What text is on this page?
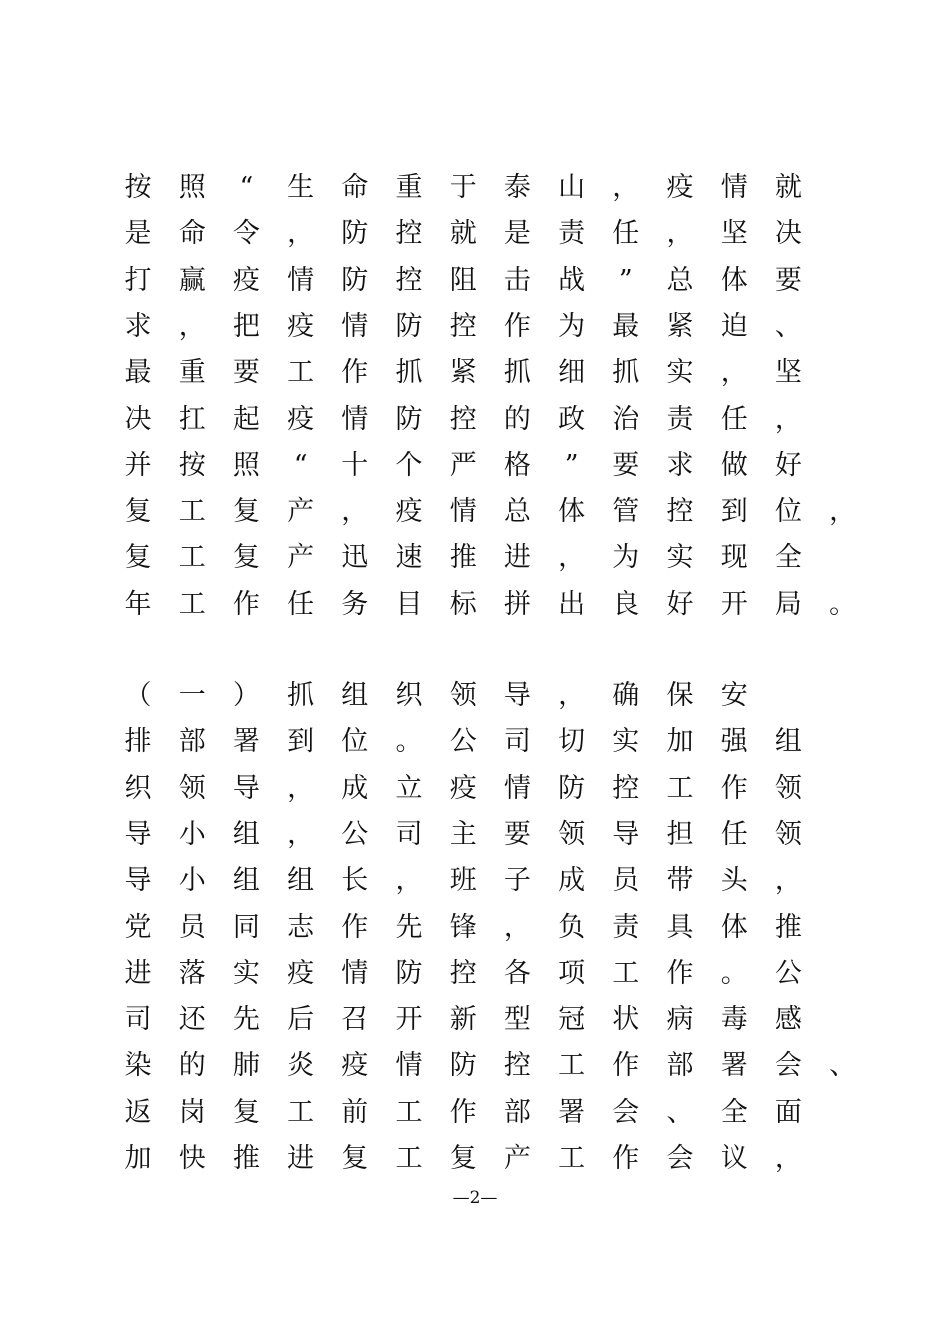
按 照	“	生 命 重 于 泰 山 ， 疫 情 就
是 命 令 ， 防 控 就 是 责 任 ， 坚 决
打 赢 疫 情 防 控 阻 击 战	”	总 体 要
求 ， 把 疫 情 防 控 作 为 最 紧 迫 、
最 重 要 工 作 抓 紧 抓 细 抓 实 ， 坚
决 扛 起 疫 情 防 控 的 政 治 责 任 ，
并 按 照	“	十 个 严 格	”	要 求 做 好
复 工 复 产 ， 疫 情 总 体 管 控 到 位 ，
复 工 复 产 迅 速 推 进 ， 为 实 现 全
年 工 作 任 务 目 标 拼 出 良 好 开 局 。
（ 一 ） 抓 组 织 领 导 ， 确 保 安
排 部 署 到 位 。 公 司 切 实 加 强 组
织 领 导 ， 成 立 疫 情 防 控 工 作 领
导 小 组 ， 公 司 主 要 领 导 担 任 领
导 小 组 组 长 ， 班 子 成 员 带 头 ，
党 员 同 志 作 先 锋 ， 负 责 具 体 推
进 落 实 疫 情 防 控 各 项 工 作 。 公
司 还 先 后 召 开 新 型 冠 状 病 毒 感
染 的 肺 炎 疫 情 防 控 工 作 部 署 会 、
返 岗 复 工 前 工 作 部 署 会 、 全 面
加 快 推 进 复 工 复 产 工 作 会 议 ，
—2—
